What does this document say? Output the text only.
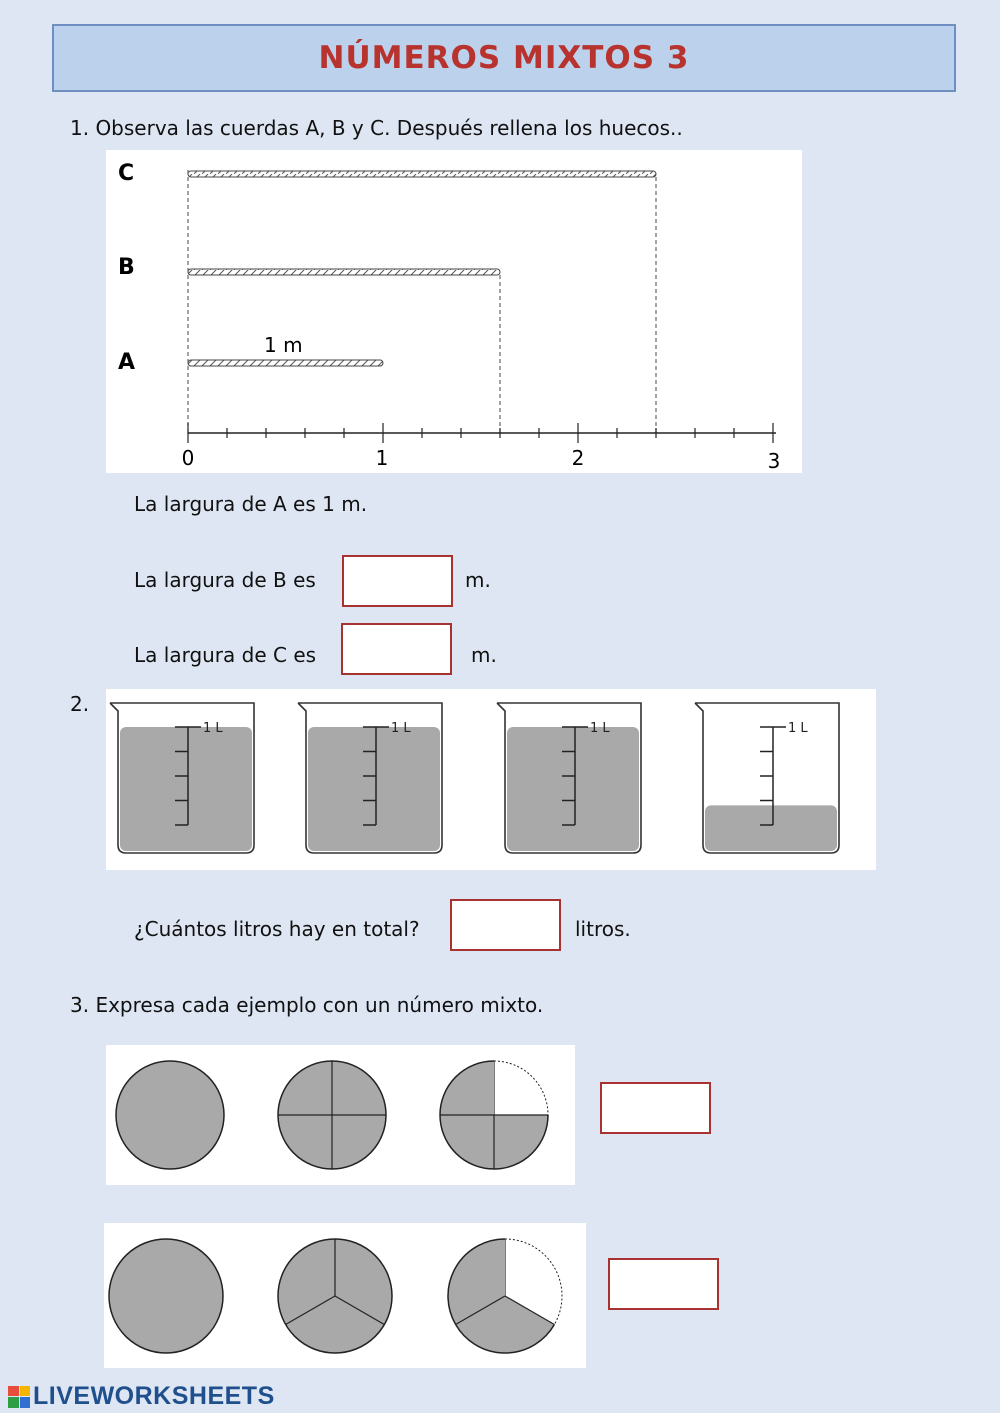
NÚMEROS MIXTOS 3
1. Observa las cuerdas A, B y C. Después rellena los huecos..
C
B
A
1 m
0	1	2	3
La largura de A es 1 m.
La largura de B es	m.
La largura de C es	m.
2.
1 L	1 L	1 L	1 L
¿Cuántos litros hay en total?	litros.
3. Expresa cada ejemplo con un número mixto.
LIVEWORKSHEETS
